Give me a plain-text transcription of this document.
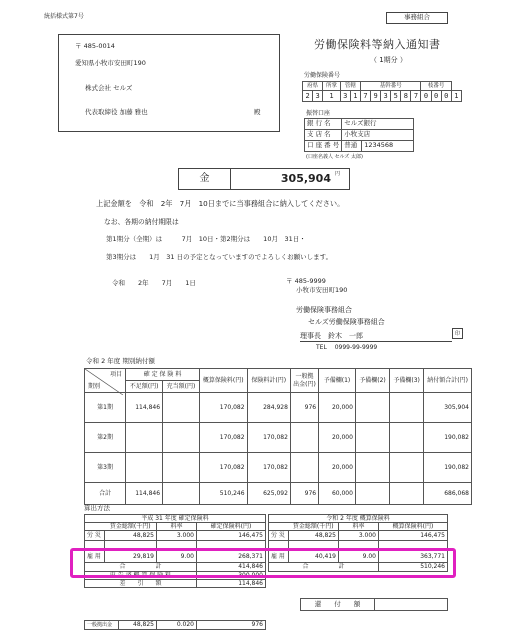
統括様式第7号	事務組合
〒 485-0014
愛知県小牧市安田町190
株式会社 セルズ
代表取締役 加藤 雅也	殿
労働保険料等納入通知書
（ 1期分 ）
労働保険番号
府県		所掌	管轄		基幹番号						枝番号			
2	3	1	3	1	7	9	3	5	8	7	0	0	0	1
振替口座
銀 行 名	セルズ銀行	
支 店 名	小牧支店	
口 座 番 号	普通	1234568
(口座名義人 セルズ 太郎)
金	305,904 円
上記金額を　令和　2年　7月　10日までに当事務組合に納入してください。
なお、各期の納付期限は
第1期分（全期）は　　　7月　10日・第2期分は　　10月　31日・
第3期分は　　1月　31 日の予定となっていますのでよろしくお願いします。
令和　　2年　　7月　　1日	〒 485-9999
小牧市安田町190
労働保険事務組合
セルズ労働保険事務組合
理事長　鈴木　一郎	印
TEL　 0999-99-9999
令和 2 年度 期別納付額
項目
期別	確 定 保 険 料		概算保険料(円)	保険料計(円)	一般拠出金(円)	予備欄(1)	予備欄(2)	予備欄(3)	納付額合計(円)
	不足額(円)	充当額(円)							
第1期	114,846		170,082	284,928	976	20,000			305,904
第2期			170,082	170,082		20,000			190,082
第3期			170,082	170,082		20,000			190,082
合計	114,846		510,246	625,092	976	60,000			686,068
算出方法
平成 31 年度 確定保険料			
	賃金総額(千円)	料率	確定保険料(円)
労 災	48,825	3.000	146,475

雇 用	29,819	9.00	268,371
合　　　　　計			414,846
申 告 済 概 算 保 険 料			300,000
差　　引　　額			114,846
令和 2 年度 概算保険料			
	賃金総額(千円)	料率	概算保険料(円)
労 災	48,825	3.000	146,475

雇 用	40,419	9.00	363,771
合　　　　　計			510,246
還　　付　　額	
一般拠出金	48,825	0.020	976
